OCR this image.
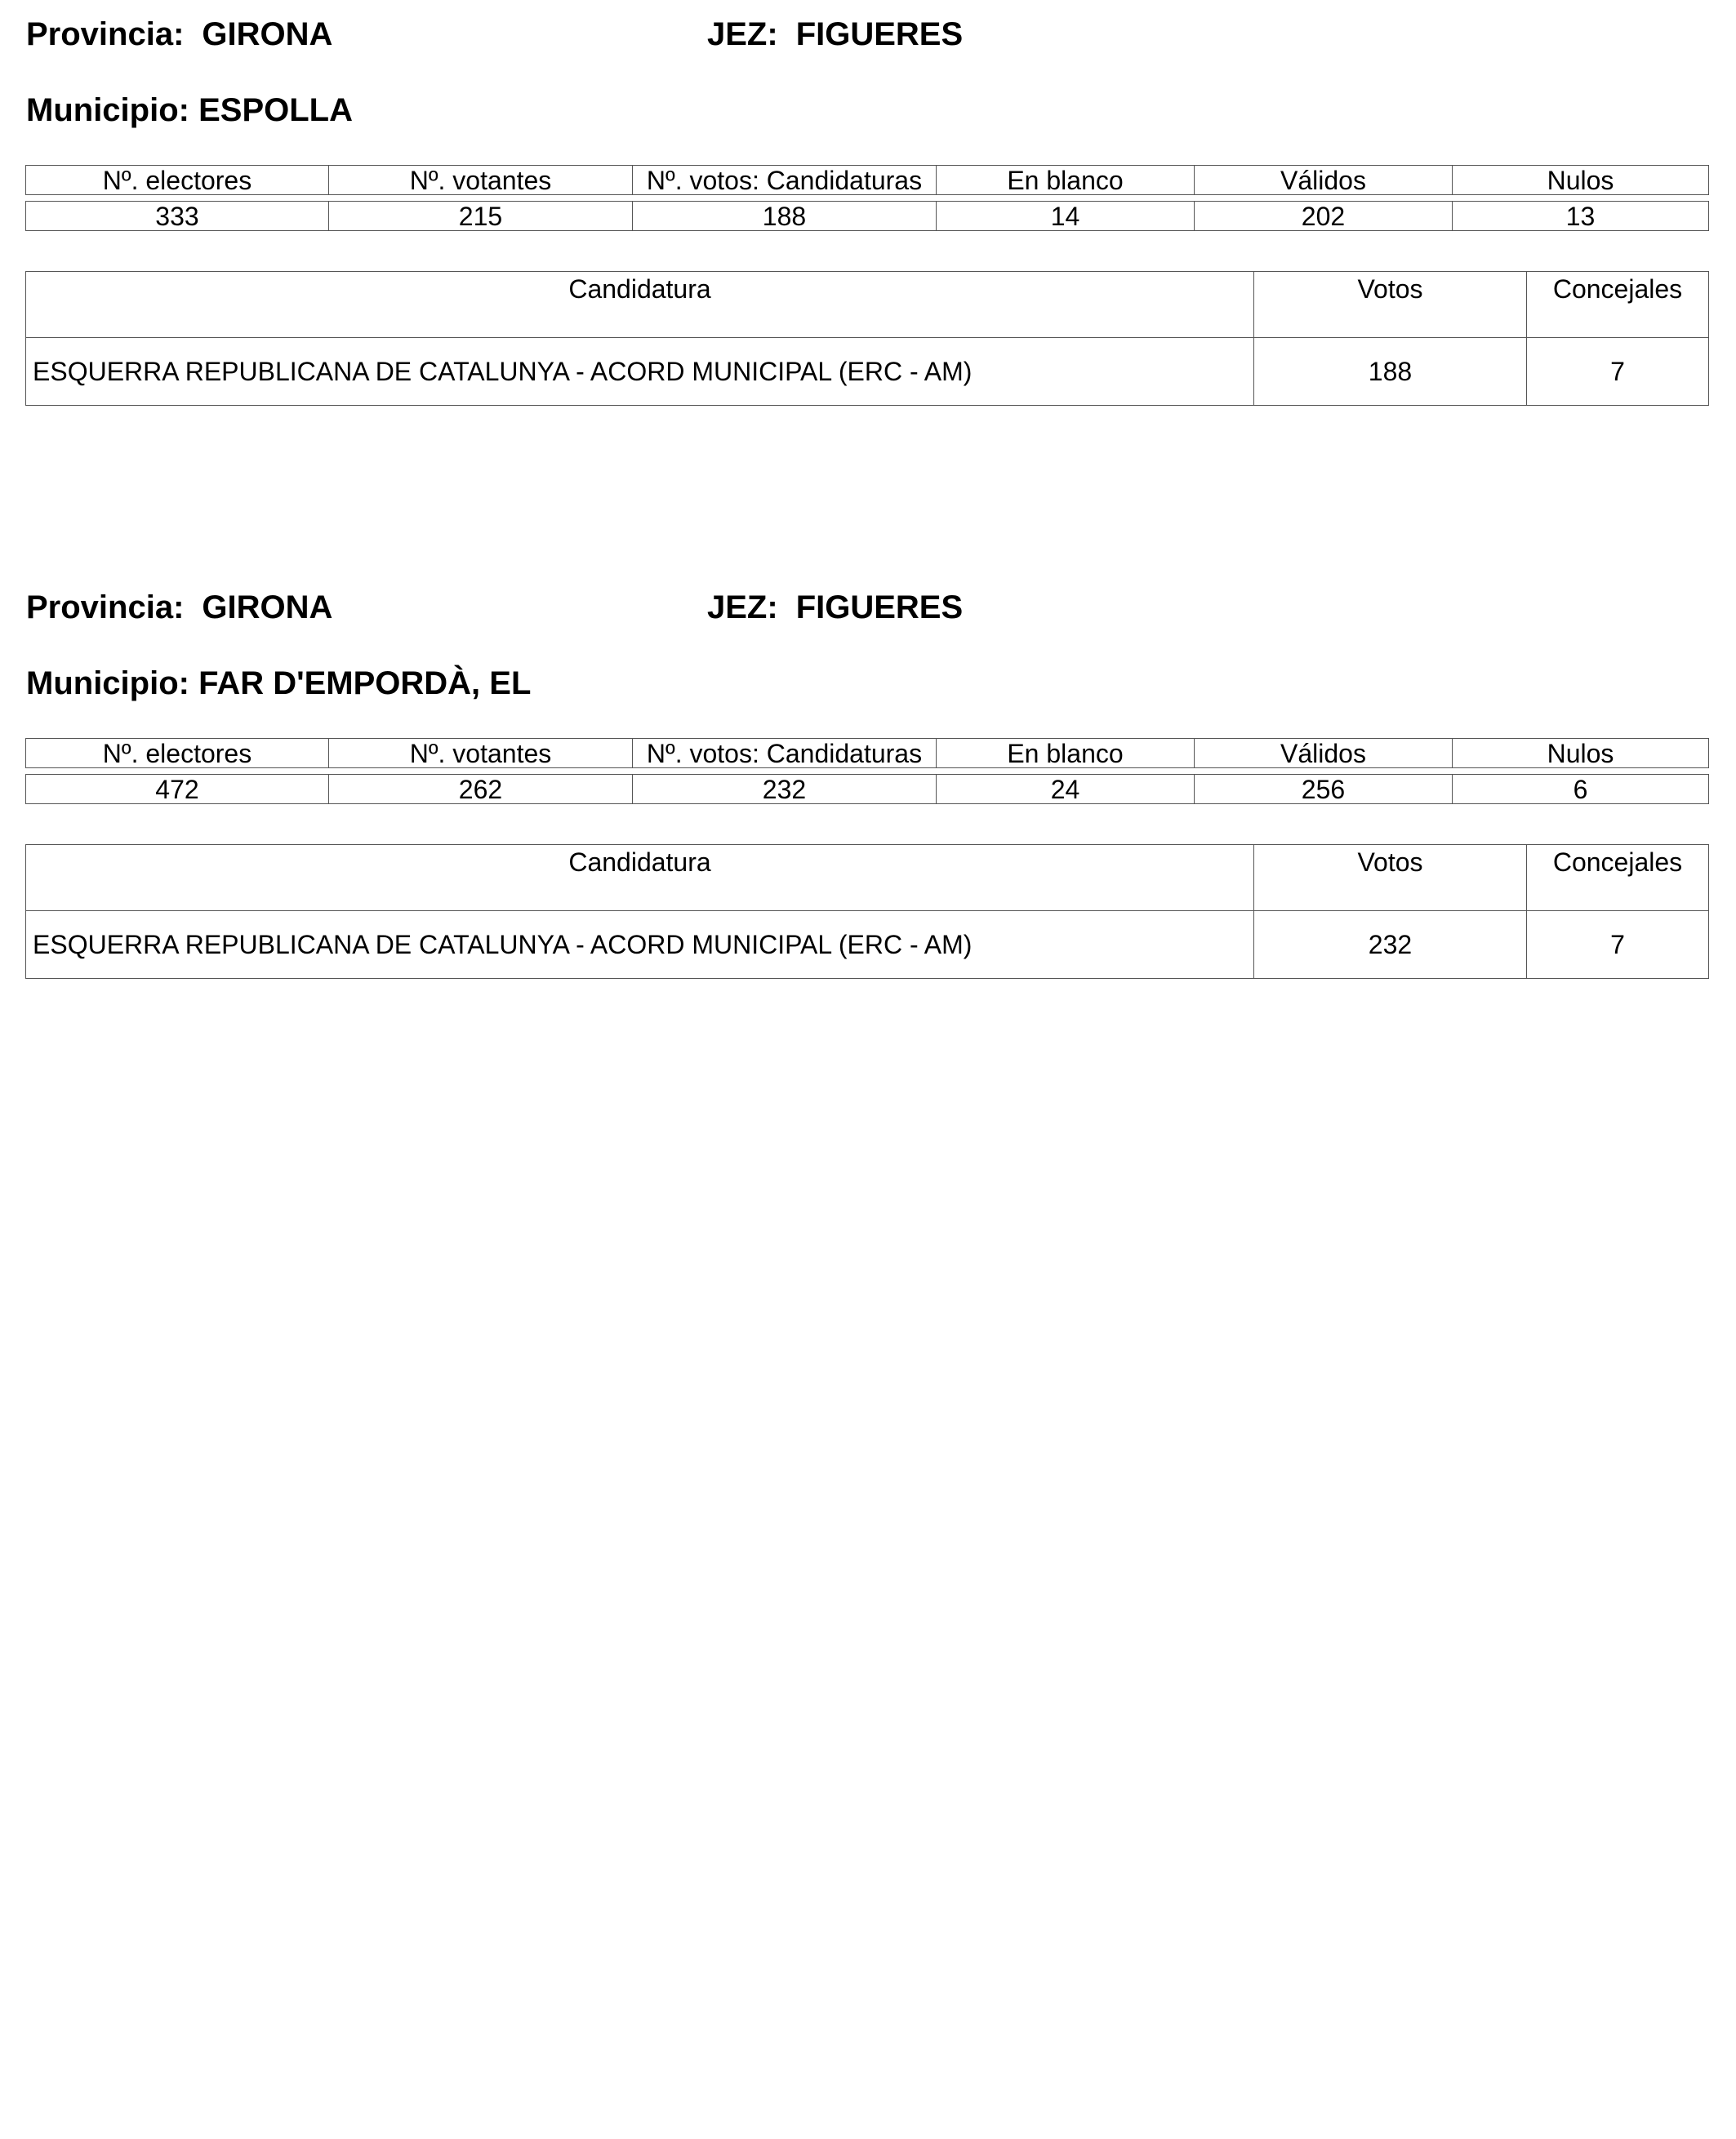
Provincia: GIRONA	JEZ: FIGUERES
Municipio: ESPOLLA
Nº. electores	Nº. votantes	Nº. votos: Candidaturas	En blanco	Válidos	Nulos

333	215	188	14	202	13
Candidatura	Votos	Concejales
ESQUERRA REPUBLICANA DE CATALUNYA - ACORD MUNICIPAL (ERC - AM)	188	7
Provincia: GIRONA	JEZ: FIGUERES
Municipio: FAR D'EMPORDÀ, EL
Nº. electores	Nº. votantes	Nº. votos: Candidaturas	En blanco	Válidos	Nulos

472	262	232	24	256	6
Candidatura	Votos	Concejales
ESQUERRA REPUBLICANA DE CATALUNYA - ACORD MUNICIPAL (ERC - AM)	232	7
